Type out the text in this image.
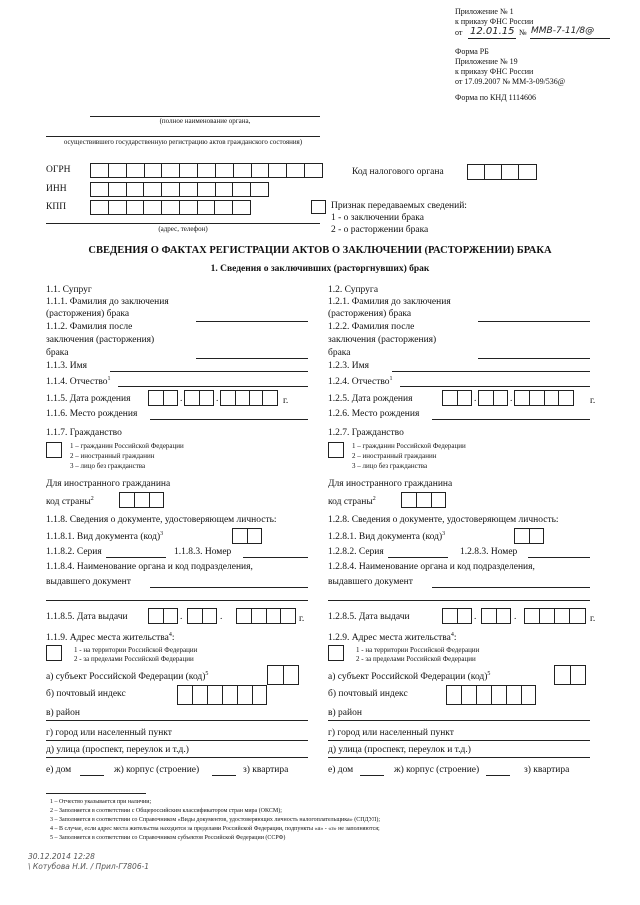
Приложение № 1
к приказу ФНС России
от 12.01.15 № ММВ-7-11/8@
Форма РБ
Приложение № 19
к приказу ФНС России
от 17.09.2007 № ММ-3-09/536@
Форма по КНД 1114606
(полное наименование органа,
осуществившего государственную регистрацию актов гражданского состояния)
ОГРН
ИНН
КПП
(адрес, телефон)
Код налогового органа
Признак передаваемых сведений:
1 - о заключении брака
2 - о расторжении брака
СВЕДЕНИЯ О ФАКТАХ РЕГИСТРАЦИИ АКТОВ О ЗАКЛЮЧЕНИИ (РАСТОРЖЕНИИ) БРАКА
1. Сведения о заключивших (расторгнувших) брак
1.1. Супруг
1.1.1. Фамилия до заключения
(расторжения) брака
1.1.2. Фамилия после
заключения (расторжения)
брака
1.1.3. Имя
1.1.4. Отчество$^1$
1.1.5. Дата рождения	.	.	г.
1.1.6. Место рождения
1.1.7. Гражданство
1 – гражданин Российской Федерации
2 – иностранный гражданин
3 – лицо без гражданства
Для иностранного гражданина
код страны$^2$
1.1.8. Сведения о документе, удостоверяющем личность:
1.1.8.1. Вид документа (код)$^3$
1.1.8.2. Серия	1.1.8.3. Номер
1.1.8.4. Наименование органа и код подразделения,
выдавшего документ
1.1.8.5. Дата выдачи	.	.	г.
1.1.9. Адрес места жительства$^4$:
1 - на территории Российской Федерации
2 - за пределами Российской Федерации
а) субъект Российской Федерации (код)$^5$
б) почтовый индекс
в) район
г) город или населенный пункт
д) улица (проспект, переулок и т.д.)
е) дом	ж) корпус (строение)	з) квартира
1.2. Супруга
1.2.1. Фамилия до заключения
(расторжения) брака
1.2.2. Фамилия после
заключения (расторжения)
брака
1.2.3. Имя
1.2.4. Отчество$^1$
1.2.5. Дата рождения	.	.	г.
1.2.6. Место рождения
1.2.7. Гражданство
1 – гражданин Российской Федерации
2 – иностранный гражданин
3 – лицо без гражданства
Для иностранного гражданина
код страны$^2$
1.2.8. Сведения о документе, удостоверяющем личность:
1.2.8.1. Вид документа (код)$^3$
1.2.8.2. Серия	1.2.8.3. Номер
1.2.8.4. Наименование органа и код подразделения,
выдавшего документ
1.2.8.5. Дата выдачи	.	.	г.
1.2.9. Адрес места жительства$^4$:
1 - на территории Российской Федерации
2 - за пределами Российской Федерации
а) субъект Российской Федерации (код)$^5$
б) почтовый индекс
в) район
г) город или населенный пункт
д) улица (проспект, переулок и т.д.)
е) дом	ж) корпус (строение)	з) квартира
1 – Отчество указывается при наличии;
2 – Заполняется в соответствии с Общероссийским классификатором стран мира (ОКСМ);
3 – Заполняется в соответствии со Справочником «Виды документов, удостоверяющих личность налогоплательщика» (СПДУЛ);
4 – В случае, если адрес места жительства находится за пределами Российской Федерации, подпункты «а» - «з» не заполняются;
5 – Заполняется в соответствии со Справочником субъектов Российской Федерации (ССРФ)
30.12.2014 12:28
\ Котубова Н.И. / Прил-Г7806-1
